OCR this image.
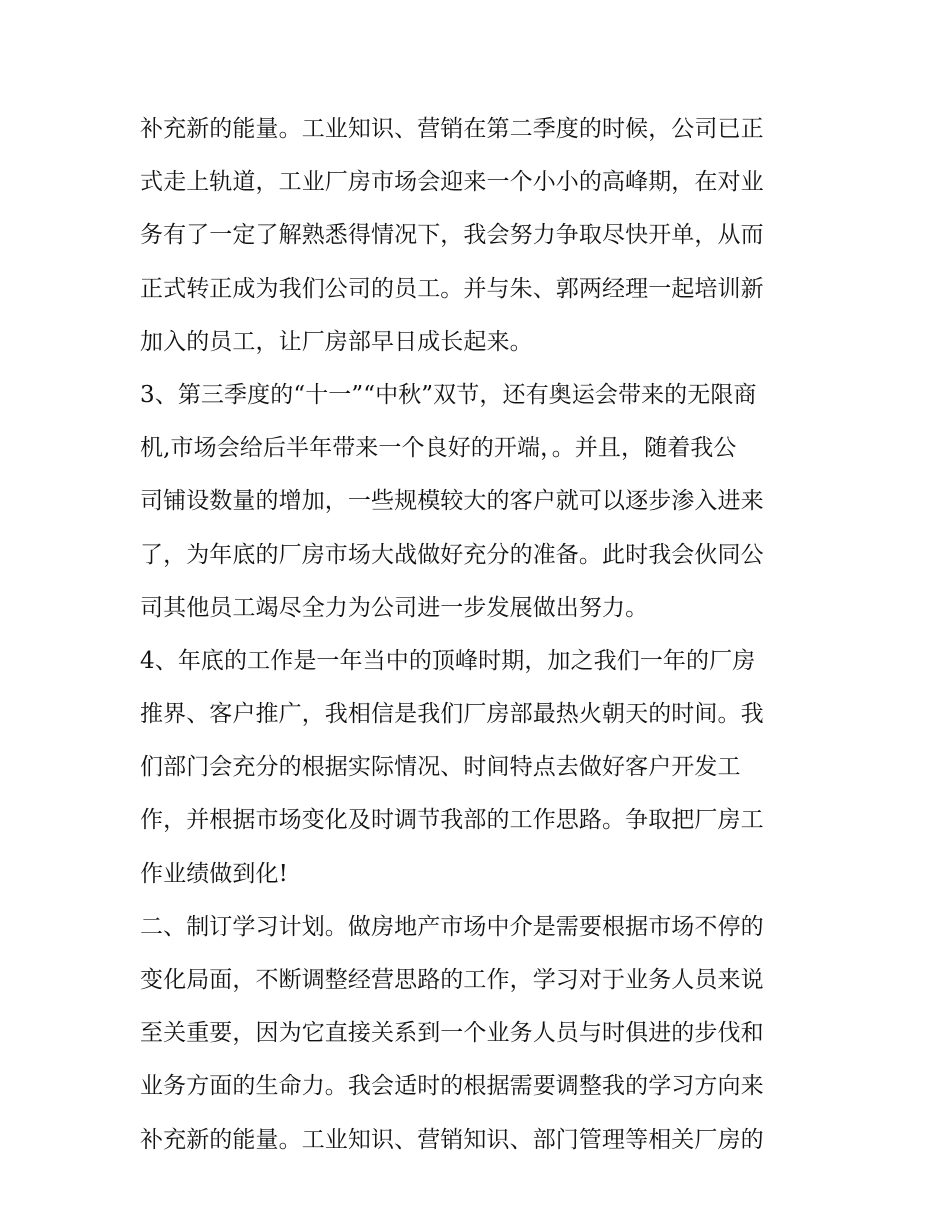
补充新的能量。工业知识、营销在第二季度的时候，公司已正
式走上轨道，工业厂房市场会迎来一个小小的高峰期，在对业
务有了一定了解熟悉得情况下，我会努力争取尽快开单，从而
正式转正成为我们公司的员工。并与朱、郭两经理一起培训新
加入的员工，让厂房部早日成长起来。
3、第三季度的“十一”“中秋”双节，还有奥运会带来的无限商
机,市场会给后半年带来一个良好的开端，。并且，随着我公
司铺设数量的增加，一些规模较大的客户就可以逐步渗入进来
了，为年底的厂房市场大战做好充分的准备。此时我会伙同公
司其他员工竭尽全力为公司进一步发展做出努力。
4、年底的工作是一年当中的顶峰时期，加之我们一年的厂房
推界、客户推广，我相信是我们厂房部最热火朝天的时间。我
们部门会充分的根据实际情况、时间特点去做好客户开发工
作，并根据市场变化及时调节我部的工作思路。争取把厂房工
作业绩做到化!
二、制订学习计划。做房地产市场中介是需要根据市场不停的
变化局面，不断调整经营思路的工作，学习对于业务人员来说
至关重要，因为它直接关系到一个业务人员与时俱进的步伐和
业务方面的生命力。我会适时的根据需要调整我的学习方向来
补充新的能量。工业知识、营销知识、部门管理等相关厂房的
